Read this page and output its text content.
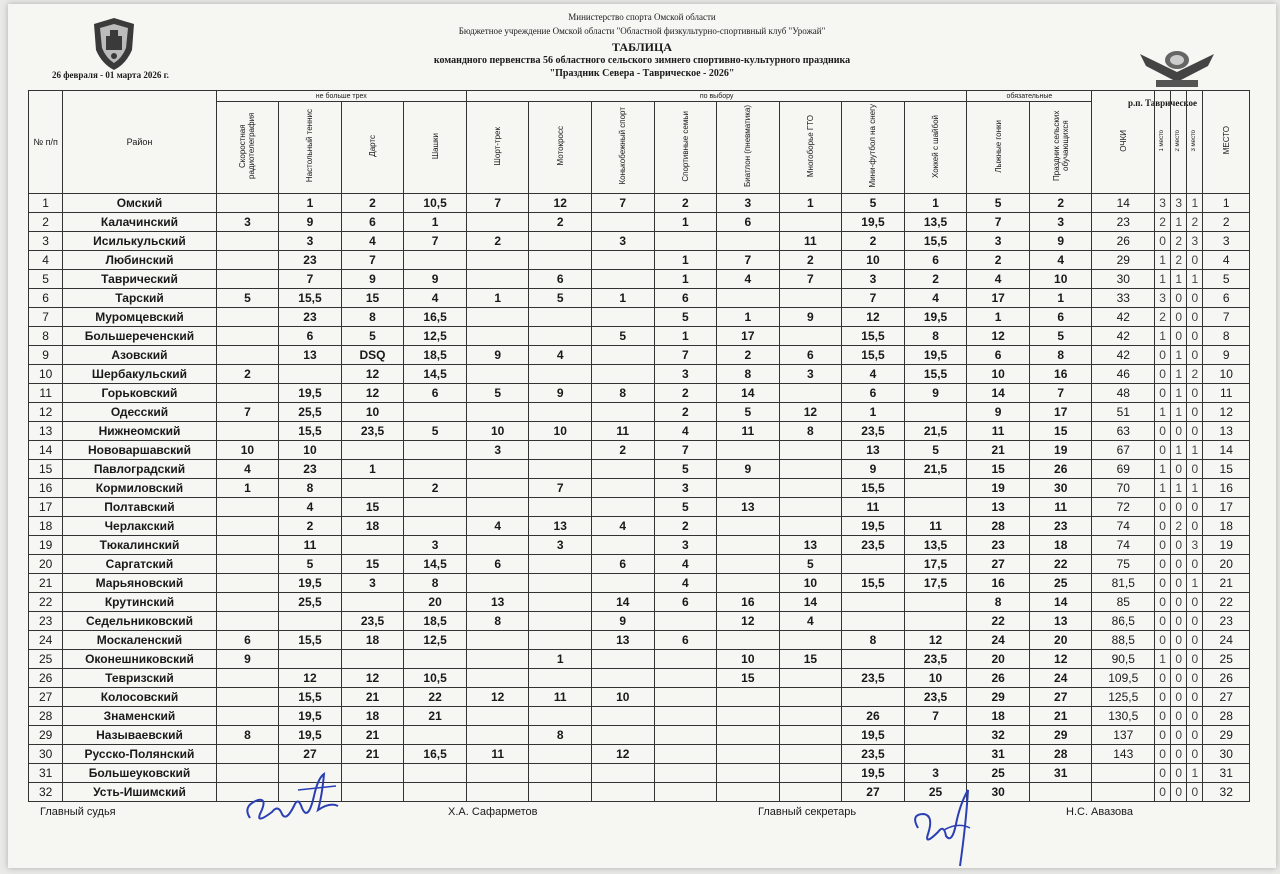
Министерство спорта Омской области
Бюджетное учреждение Омской области "Областной физкультурно-спортивный клуб "Урожай"
ТАБЛИЦА
командного первенства 56 областного сельского зимнего спортивно-культурного праздника
"Праздник Севера - Таврическое - 2026"
26 февраля - 01 марта 2026 г.
р.п. Таврическое
№ п/п	Район	не больше трех				по выбору								обязательные		ОЧКИ	1 место	2 место	3 место	МЕСТО
		Скоростная радиотелеграфия	Настольный теннис	Дартс	Шашки	Шорт-трек	Мотокросс	Конькобежный спорт	Спортивные семьи	Биатлон (пневматика)	Многоборье ГТО	Мини-футбол на снегу	Хоккей с шайбой	Лыжные гонки	Праздник сельских обучающихся					
1	Омский		1	2	10,5	7	12	7	2	3	1	5	1	5	2	14	3	3	1	1
2	Калачинский	3	9	6	1		2		1	6		19,5	13,5	7	3	23	2	1	2	2
3	Исилькульский		3	4	7	2		3			11	2	15,5	3	9	26	0	2	3	3
4	Любинский		23	7					1	7	2	10	6	2	4	29	1	2	0	4
5	Таврический		7	9	9		6		1	4	7	3	2	4	10	30	1	1	1	5
6	Тарский	5	15,5	15	4	1	5	1	6			7	4	17	1	33	3	0	0	6
7	Муромцевский		23	8	16,5				5	1	9	12	19,5	1	6	42	2	0	0	7
8	Большереченский		6	5	12,5			5	1	17		15,5	8	12	5	42	1	0	0	8
9	Азовский		13	DSQ	18,5	9	4		7	2	6	15,5	19,5	6	8	42	0	1	0	9
10	Шербакульский	2		12	14,5				3	8	3	4	15,5	10	16	46	0	1	2	10
11	Горьковский		19,5	12	6	5	9	8	2	14		6	9	14	7	48	0	1	0	11
12	Одесский	7	25,5	10					2	5	12	1		9	17	51	1	1	0	12
13	Нижнеомский		15,5	23,5	5	10	10	11	4	11	8	23,5	21,5	11	15	63	0	0	0	13
14	Нововаршавский	10	10			3		2	7			13	5	21	19	67	0	1	1	14
15	Павлоградский	4	23	1					5	9		9	21,5	15	26	69	1	0	0	15
16	Кормиловский	1	8		2		7		3			15,5		19	30	70	1	1	1	16
17	Полтавский		4	15					5	13		11		13	11	72	0	0	0	17
18	Черлакский		2	18		4	13	4	2			19,5	11	28	23	74	0	2	0	18
19	Тюкалинский		11		3		3		3		13	23,5	13,5	23	18	74	0	0	3	19
20	Саргатский		5	15	14,5	6		6	4		5		17,5	27	22	75	0	0	0	20
21	Марьяновский		19,5	3	8				4		10	15,5	17,5	16	25	81,5	0	0	1	21
22	Крутинский		25,5		20	13		14	6	16	14			8	14	85	0	0	0	22
23	Седельниковский			23,5	18,5	8		9		12	4			22	13	86,5	0	0	0	23
24	Москаленский	6	15,5	18	12,5			13	6			8	12	24	20	88,5	0	0	0	24
25	Оконешниковский	9					1			10	15		23,5	20	12	90,5	1	0	0	25
26	Тевризский		12	12	10,5					15		23,5	10	26	24	109,5	0	0	0	26
27	Колосовский		15,5	21	22	12	11	10					23,5	29	27	125,5	0	0	0	27
28	Знаменский		19,5	18	21							26	7	18	21	130,5	0	0	0	28
29	Называевский	8	19,5	21			8					19,5		32	29	137	0	0	0	29
30	Русско-Полянский		27	21	16,5	11		12				23,5		31	28	143	0	0	0	30
31	Большеуковский											19,5	3	25	31		0	0	1	31
32	Усть-Ишимский											27	25	30			0	0	0	32
Главный судья	Х.А. Сафарметов	Главный секретарь	Н.С. Авазова
